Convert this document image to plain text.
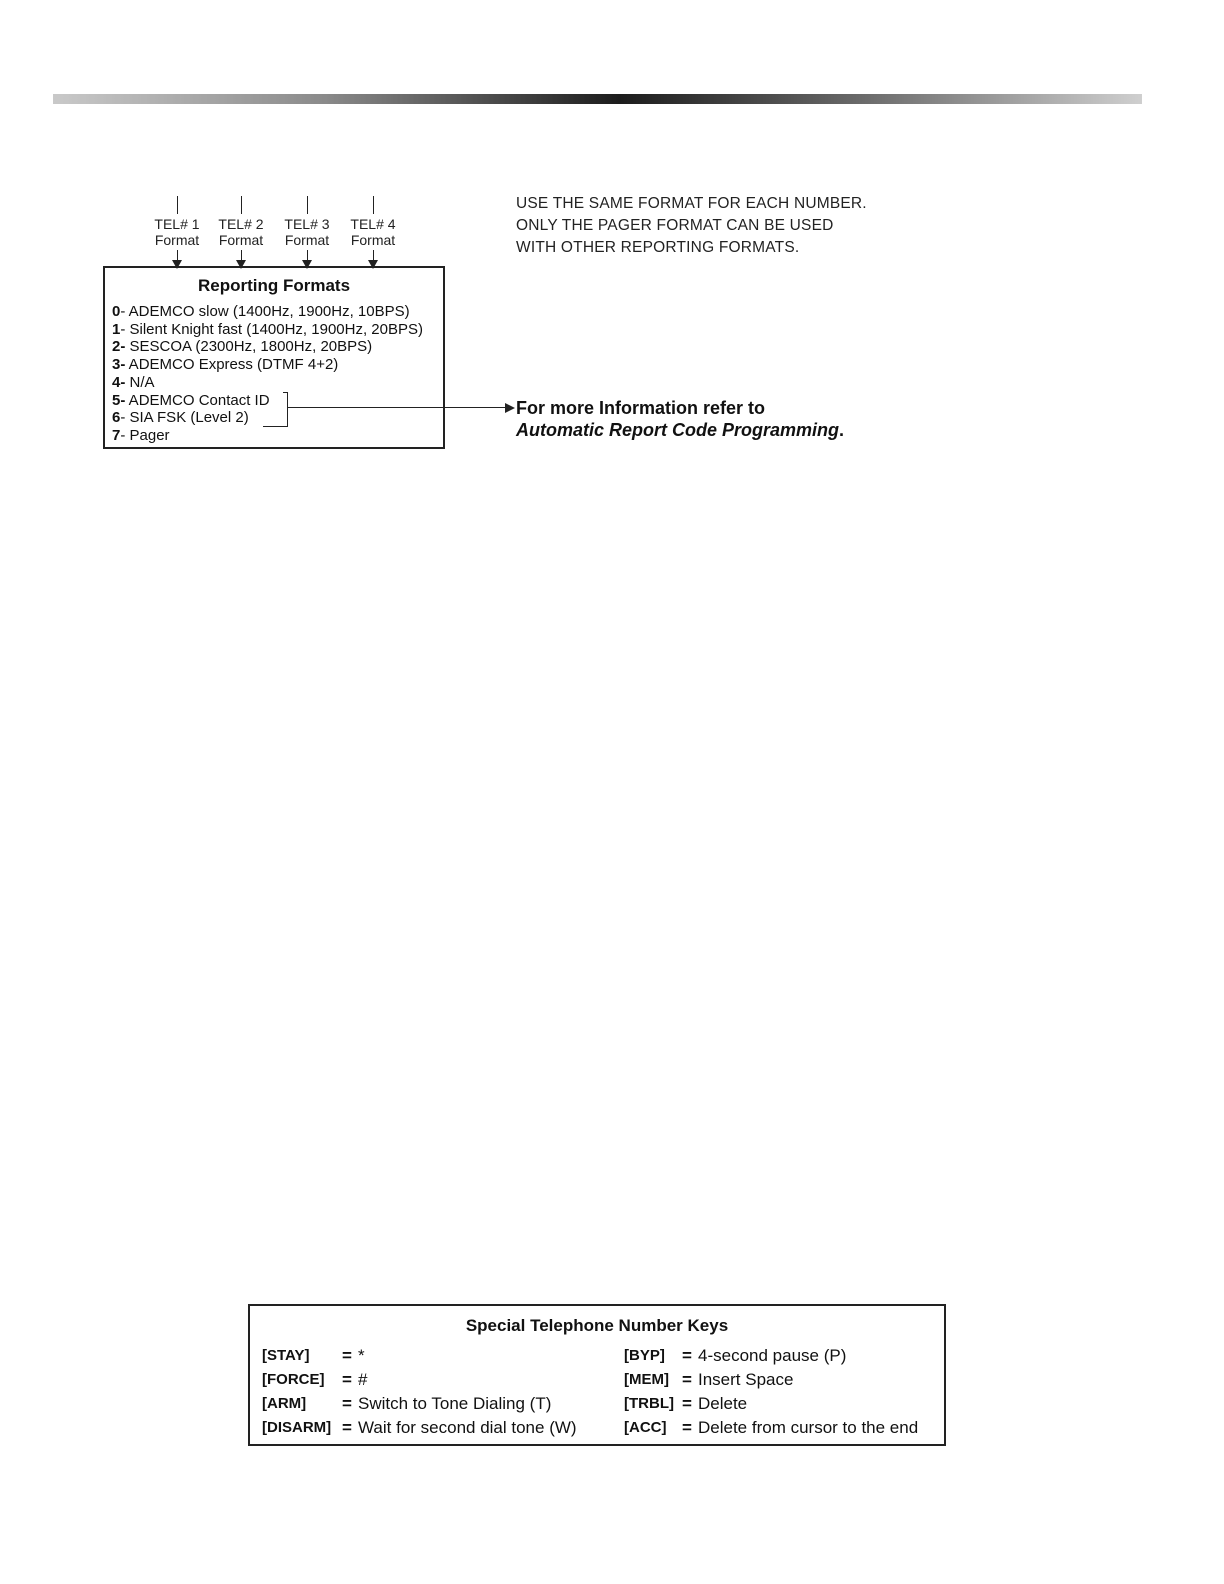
TEL# 1
Format
TEL# 2
Format
TEL# 3
Format
TEL# 4
Format
USE THE SAME FORMAT FOR EACH NUMBER.
ONLY THE PAGER FORMAT CAN BE USED
WITH OTHER REPORTING FORMATS.
Reporting Formats
0- ADEMCO slow (1400Hz, 1900Hz, 10BPS)
1- Silent Knight fast (1400Hz, 1900Hz, 20BPS)
2- SESCOA (2300Hz, 1800Hz, 20BPS)
3- ADEMCO Express (DTMF 4+2)
4- N/A
5- ADEMCO Contact ID
6- SIA FSK (Level 2)
7- Pager
For more Information refer to
Automatic Report Code Programming.
Special Telephone Number Keys
[STAY] = *
[FORCE] = #
[ARM] = Switch to Tone Dialing (T)
[DISARM] = Wait for second dial tone (W)
[BYP] = 4-second pause (P)
[MEM] = Insert Space
[TRBL] = Delete
[ACC] = Delete from cursor to the end
